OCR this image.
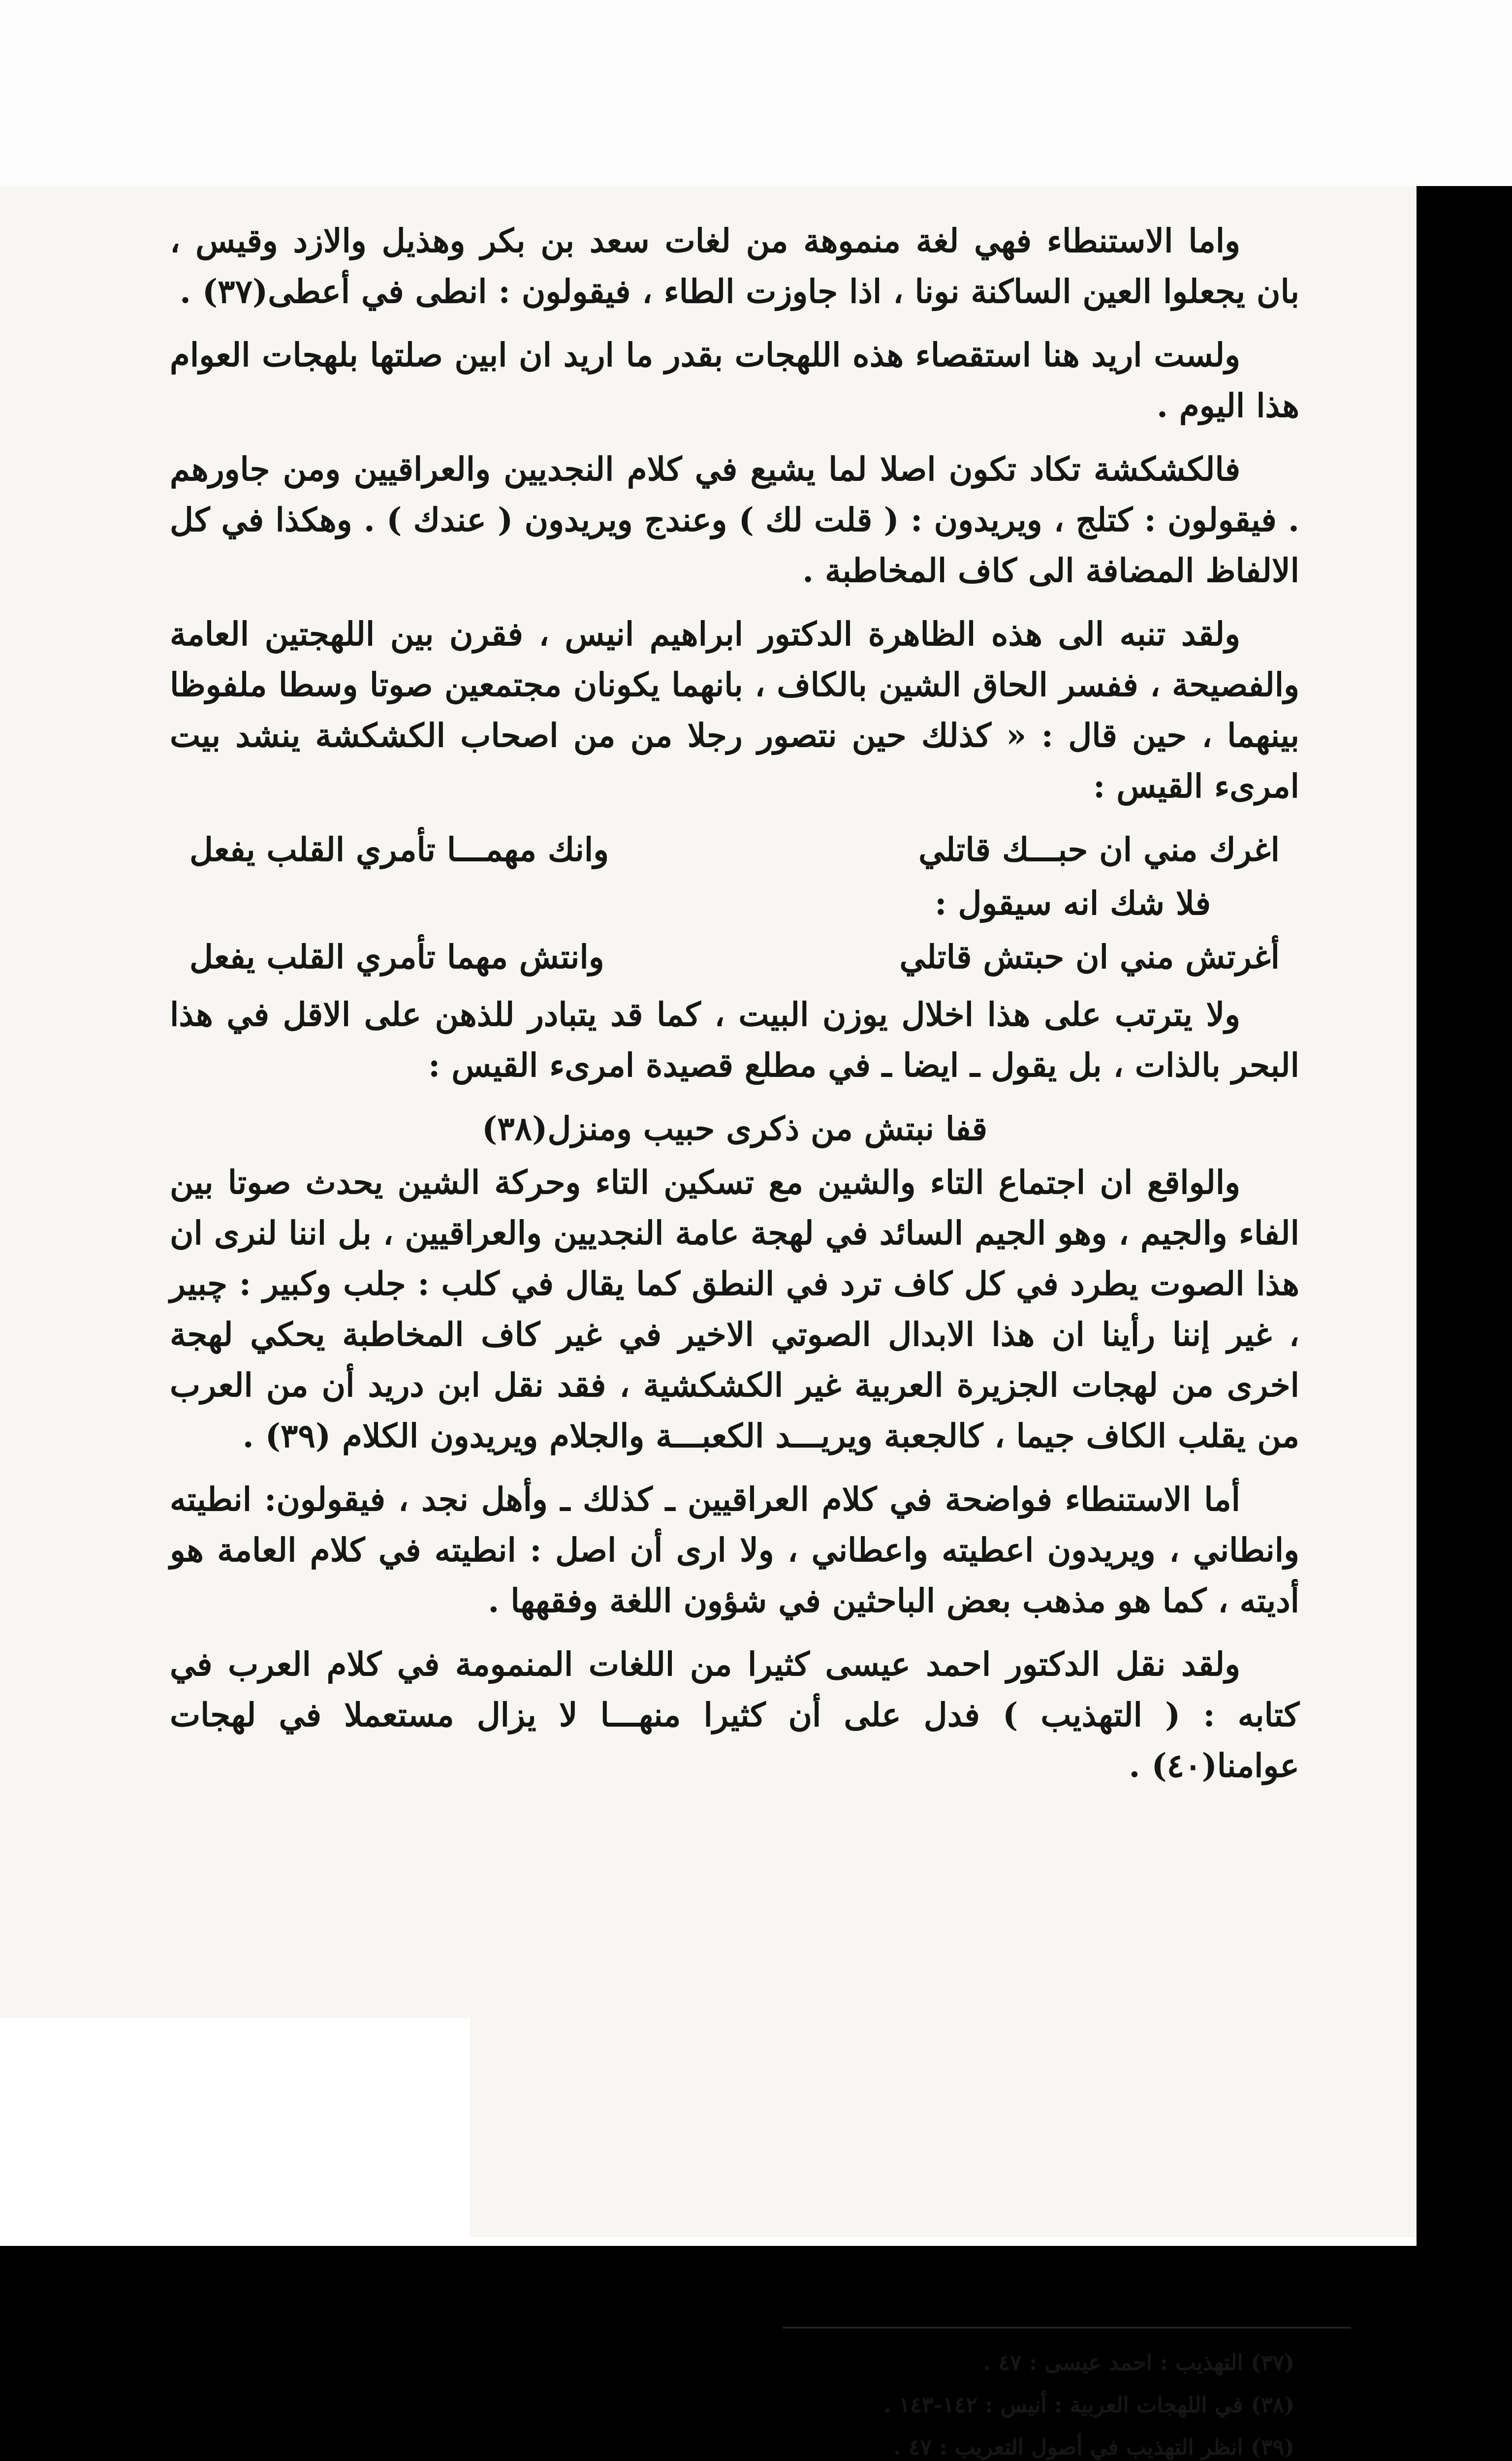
واما الاستنطاء فهي لغة منموهة من لغات سعد بن بكر وهذيل والازد وقيس ، بان يجعلوا العين الساكنة نونا ، اذا جاوزت الطاء ، فيقولون : انطى في أعطى(٣٧) .

ولست اريد هنا استقصاء هذه اللهجات بقدر ما اريد ان ابين صلتها بلهجات العوام هذا اليوم .

فالكشكشة تكاد تكون اصلا لما يشيع في كلام النجديين والعراقيين ومن جاورهم . فيقولون : كتلج ، ويريدون : ( قلت لك ) وعندج ويريدون ( عندك ) . وهكذا في كل الالفاظ المضافة الى كاف المخاطبة .

ولقد تنبه الى هذه الظاهرة الدكتور ابراهيم انيس ، فقرن بين اللهجتين العامة والفصيحة ، ففسر الحاق الشين بالكاف ، بانهما يكونان مجتمعين صوتا وسطا ملفوظا بينهما ، حين قال : « كذلك حين نتصور رجلا من من اصحاب الكشكشة ينشد بيت امرىء القيس :

اغرك مني ان حبـــك قاتلي
وانك مهمـــا تأمري القلب يفعل
فلا شك انه سيقول :
أغرتش مني ان حبتش قاتلي
وانتش مهما تأمري القلب يفعل

ولا يترتب على هذا اخلال يوزن البيت ، كما قد يتبادر للذهن على الاقل في هذا البحر بالذات ، بل يقول ـ ايضا ـ في مطلع قصيدة امرىء القيس :

قفا نبتش من ذكرى حبيب ومنزل(٣٨)

والواقع ان اجتماع التاء والشين مع تسكين التاء وحركة الشين يحدث صوتا بين الفاء والجيم ، وهو الجيم السائد في لهجة عامة النجديين والعراقيين ، بل اننا لنرى ان هذا الصوت يطرد في كل كاف ترد في النطق كما يقال في كلب : جلب وكبير : چبير ، غير إننا رأينا ان هذا الابدال الصوتي الاخير في غير كاف المخاطبة يحكي لهجة اخرى من لهجات الجزيرة العربية غير الكشكشية ، فقد نقل ابن دريد أن من العرب من يقلب الكاف جيما ، كالجعبة ويريـــد الكعبـــة والجلام ويريدون الكلام (٣٩) .

أما الاستنطاء فواضحة في كلام العراقيين ـ كذلك ـ وأهل نجد ، فيقولون: انطيته وانطاني ، ويريدون اعطيته واعطاني ، ولا ارى أن اصل : انطيته في كلام العامة هو أديته ، كما هو مذهب بعض الباحثين في شؤون اللغة وفقهها .

ولقد نقل الدكتور احمد عيسى كثيرا من اللغات المنمومة في كلام العرب في كتابه : ( التهذيب ) فدل على أن كثيرا منهـــا لا يزال مستعملا في لهجات عوامنا(٤٠) .

(٣٧) التهذيب : احمد عيسى : ٤٧ .
(٣٨) في اللهجات العربية : أنيس : ١٤٢-١٤٣ .
(٣٩) انظر التهذيب في أصول التعريب : ٤٧ .
